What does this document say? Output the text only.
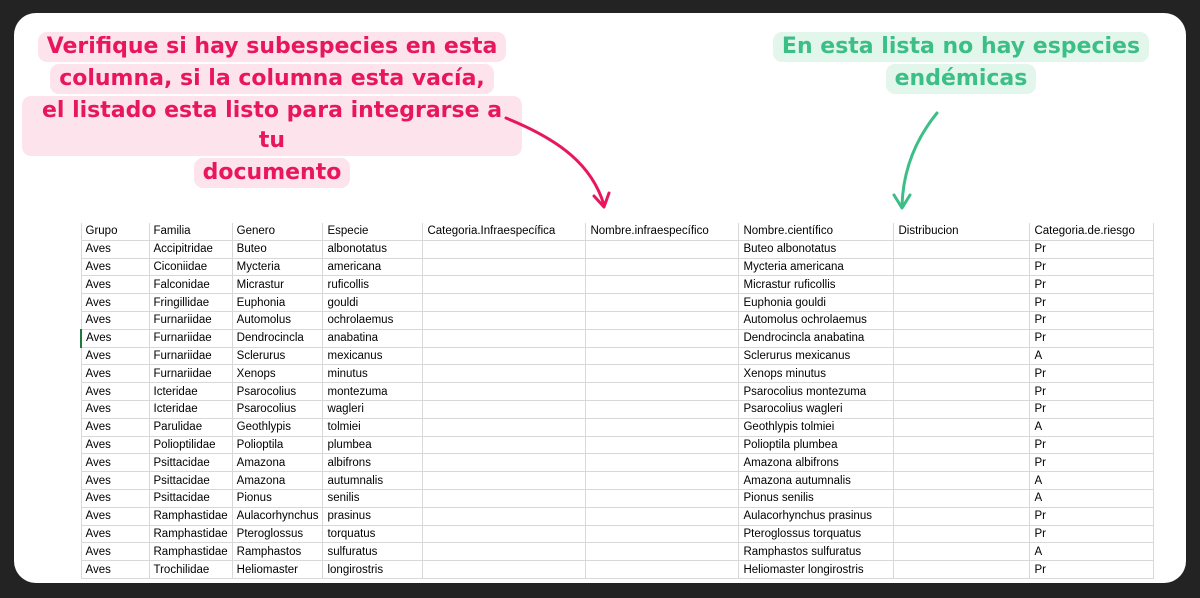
Verifique si hay subespecies en esta
columna, si la columna esta vacía,
el listado esta listo para integrarse a tu
documento
En esta lista no hay especies
endémicas
Grupo	Familia	Genero	Especie	Categoria.Infraespecífica	Nombre.infraespecífico	Nombre.científico	Distribucion	Categoria.de.riesgo
Aves	Accipitridae	Buteo	albonotatus			Buteo albonotatus		Pr
Aves	Ciconiidae	Mycteria	americana			Mycteria americana		Pr
Aves	Falconidae	Micrastur	ruficollis			Micrastur ruficollis		Pr
Aves	Fringillidae	Euphonia	gouldi			Euphonia gouldi		Pr
Aves	Furnariidae	Automolus	ochrolaemus			Automolus ochrolaemus		Pr
Aves	Furnariidae	Dendrocincla	anabatina			Dendrocincla anabatina		Pr
Aves	Furnariidae	Sclerurus	mexicanus			Sclerurus mexicanus		A
Aves	Furnariidae	Xenops	minutus			Xenops minutus		Pr
Aves	Icteridae	Psarocolius	montezuma			Psarocolius montezuma		Pr
Aves	Icteridae	Psarocolius	wagleri			Psarocolius wagleri		Pr
Aves	Parulidae	Geothlypis	tolmiei			Geothlypis tolmiei		A
Aves	Polioptilidae	Polioptila	plumbea			Polioptila plumbea		Pr
Aves	Psittacidae	Amazona	albifrons			Amazona albifrons		Pr
Aves	Psittacidae	Amazona	autumnalis			Amazona autumnalis		A
Aves	Psittacidae	Pionus	senilis			Pionus senilis		A
Aves	Ramphastidae	Aulacorhynchus	prasinus			Aulacorhynchus prasinus		Pr
Aves	Ramphastidae	Pteroglossus	torquatus			Pteroglossus torquatus		Pr
Aves	Ramphastidae	Ramphastos	sulfuratus			Ramphastos sulfuratus		A
Aves	Trochilidae	Heliomaster	longirostris			Heliomaster longirostris		Pr
